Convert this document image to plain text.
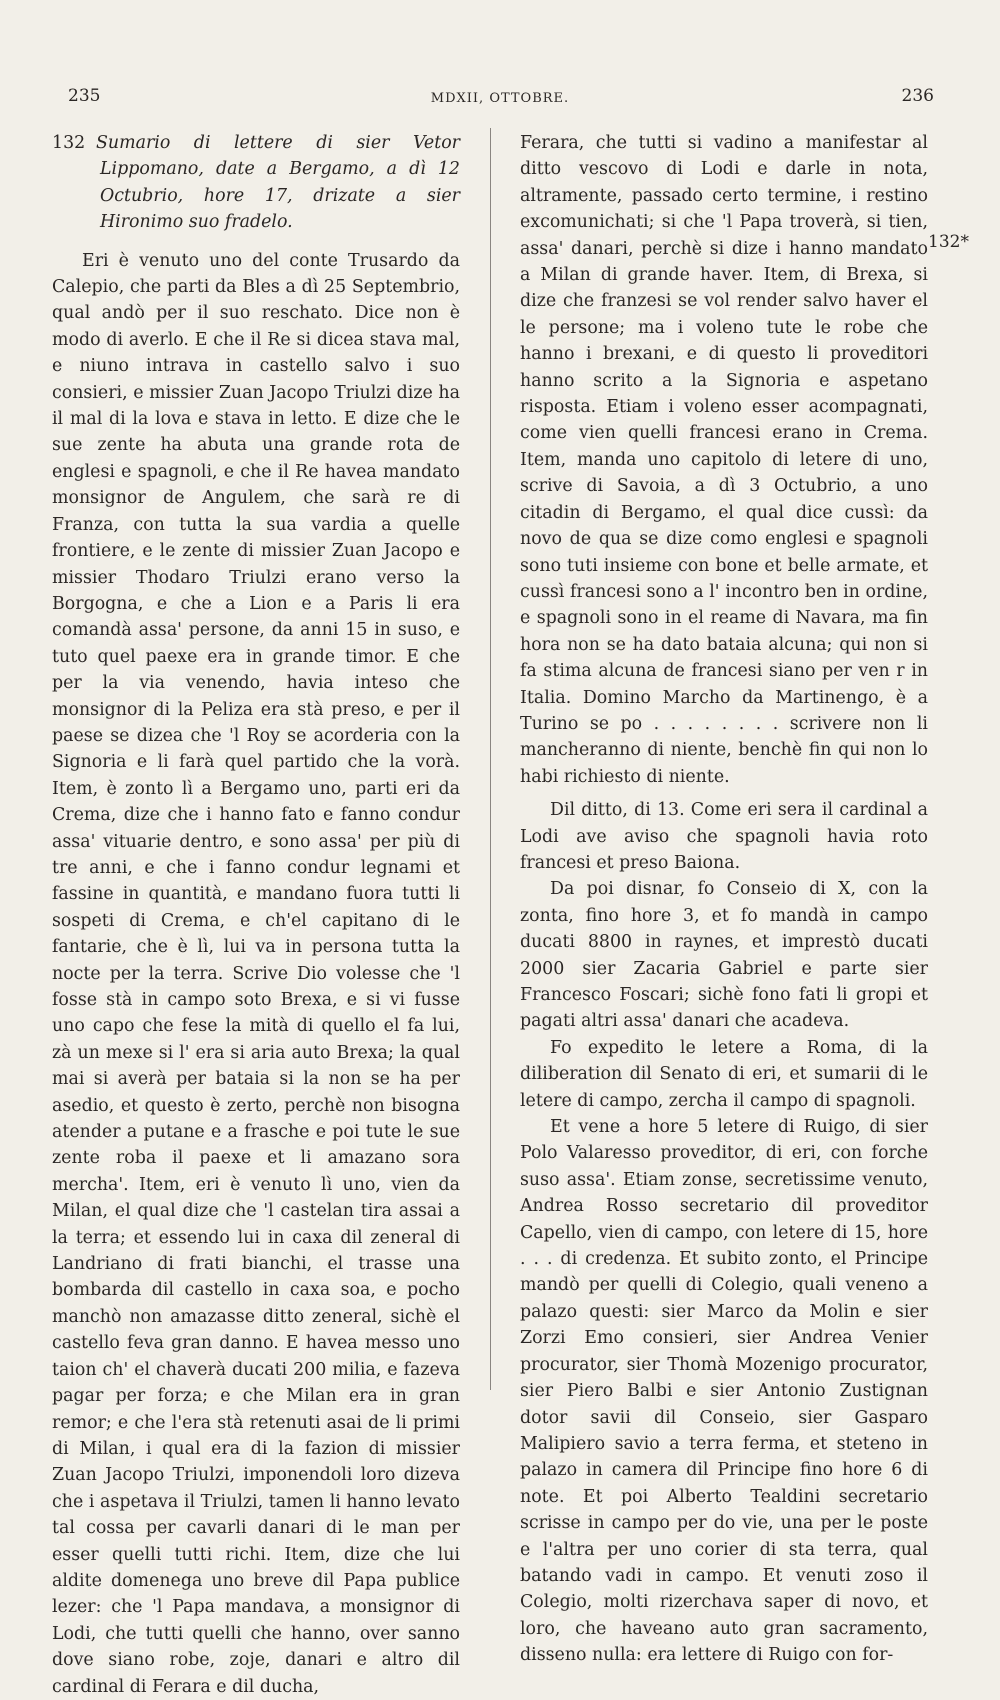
235	MDXII, OTTOBRE.	236
132 Sumario di lettere di sier Vetor Lippomano, date a Bergamo, a dì 12 Octubrio, hore 17, drizate a sier Hironimo suo fradelo.

Eri è venuto uno del conte Trusardo da Calepio, che parti da Bles a dì 25 Septembrio, qual andò per il suo reschato. Dice non è modo di averlo. E che il Re si dicea stava mal, e niuno intrava in castello salvo i suo consieri, e missier Zuan Jacopo Triulzi dize ha il mal di la lova e stava in letto. E dize che le sue zente ha abuta una grande rota de englesi e spagnoli, e che il Re havea mandato monsignor de Angulem, che sarà re di Franza, con tutta la sua vardia a quelle frontiere, e le zente di missier Zuan Jacopo e missier Thodaro Triulzi erano verso la Borgogna, e che a Lion e a Paris li era comandà assa' persone, da anni 15 in suso, e tuto quel paexe era in grande timor. E che per la via venendo, havia inteso che monsignor di la Peliza era stà preso, e per il paese se dizea che 'l Roy se acorderia con la Signoria e li farà quel partido che la vorà. Item, è zonto lì a Bergamo uno, parti eri da Crema, dize che i hanno fato e fanno condur assa' vituarie dentro, e sono assa' per più di tre anni, e che i fanno condur legnami et fassine in quantità, e mandano fuora tutti li sospeti di Crema, e ch'el capitano di le fantarie, che è lì, lui va in persona tutta la nocte per la terra. Scrive Dio volesse che 'l fosse stà in campo soto Brexa, e si vi fusse uno capo che fese la mità di quello el fa lui, zà un mexe si l' era si aria auto Brexa; la qual mai si averà per bataia si la non se ha per asedio, et questo è zerto, perchè non bisogna atender a putane e a frasche e poi tute le sue zente roba il paexe et li amazano sora mercha'. Item, eri è venuto lì uno, vien da Milan, el qual dize che 'l castelan tira assai a la terra; et essendo lui in caxa dil zeneral di Landriano di frati bianchi, el trasse una bombarda dil castello in caxa soa, e pocho manchò non amazasse ditto zeneral, sichè el castello feva gran danno. E havea messo uno taion ch' el chaverà ducati 200 milia, e fazeva pagar per forza; e che Milan era in gran remor; e che l'era stà retenuti asai de li primi di Milan, i qual era di la fazion di missier Zuan Jacopo Triulzi, imponendoli loro dizeva che i aspetava il Triulzi, tamen li hanno levato tal cossa per cavarli danari di le man per esser quelli tutti richi. Item, dize che lui aldite domenega uno breve dil Papa publice lezer: che 'l Papa mandava, a monsignor di Lodi, che tutti quelli che hanno, over sanno dove siano robe, zoje, danari e altro dil cardinal di Ferara e dil ducha,

Ferara, che tutti si vadino a manifestar al ditto vescovo di Lodi e darle in nota, altramente, passado certo termine, i restino excomunichati; si che 'l Papa troverà, si tien, assa' danari, perchè si dize i hanno mandato a Milan di grande haver. Item, di Brexa, si dize che franzesi se vol render salvo haver el le persone; ma i voleno tute le robe che hanno i brexani, e di questo li proveditori hanno scrito a la Signoria e aspetano risposta. Etiam i voleno esser acompagnati, come vien quelli francesi erano in Crema. Item, manda uno capitolo di letere di uno, scrive di Savoia, a dì 3 Octubrio, a uno citadin di Bergamo, el qual dice cussì: da novo de qua se dize como englesi e spagnoli sono tuti insieme con bone et belle armate, et cussì francesi sono a l' incontro ben in ordine, e spagnoli sono in el reame di Navara, ma fin hora non se ha dato bataia alcuna; qui non si fa stima alcuna de francesi siano per ven r in Italia. Domino Marcho da Martinengo, è a Turino se po . . . . . . . . scrivere non li mancheranno di niente, benchè fin qui non lo habi richiesto di niente.

Dil ditto, di 13. Come eri sera il cardinal a Lodi ave aviso che spagnoli havia roto francesi et preso Baiona.

Da poi disnar, fo Conseio di X, con la zonta, fino hore 3, et fo mandà in campo ducati 8800 in raynes, et imprestò ducati 2000 sier Zacaria Gabriel e parte sier Francesco Foscari; sichè fono fati li gropi et pagati altri assa' danari che acadeva.

Fo expedito le letere a Roma, di la diliberation dil Senato di eri, et sumarii di le letere di campo, zercha il campo di spagnoli.

Et vene a hore 5 letere di Ruigo, di sier Polo Valaresso proveditor, di eri, con forche suso assa'. Etiam zonse, secretissime venuto, Andrea Rosso secretario dil proveditor Capello, vien di campo, con letere di 15, hore . . . di credenza. Et subito zonto, el Principe mandò per quelli di Colegio, quali veneno a palazo questi: sier Marco da Molin e sier Zorzi Emo consieri, sier Andrea Venier procurator, sier Thomà Mozenigo procurator, sier Piero Balbi e sier Antonio Zustignan dotor savii dil Conseio, sier Gasparo Malipiero savio a terra ferma, et steteno in palazo in camera dil Principe fino hore 6 di note. Et poi Alberto Tealdini secretario scrisse in campo per do vie, una per le poste e l'altra per uno corier di sta terra, qual batando vadi in campo. Et venuti zoso il Colegio, molti rizerchava saper di novo, et loro, che haveano auto gran sacramento, disseno nulla: era lettere di Ruigo con for-

132*
